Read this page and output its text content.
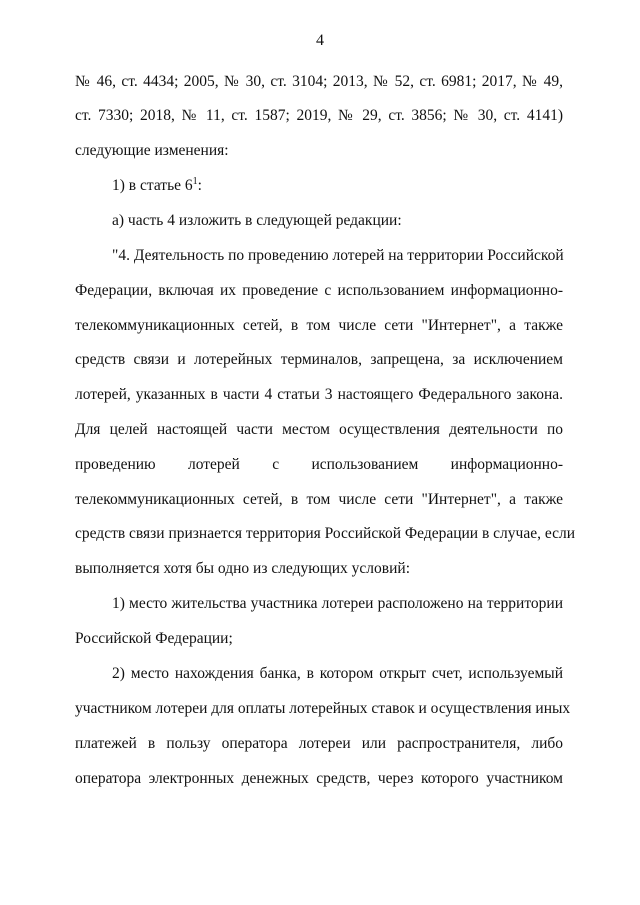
4
№ 46, ст. 4434; 2005, № 30, ст. 3104; 2013, № 52, ст. 6981; 2017, № 49,
ст. 7330; 2018, № 11, ст. 1587; 2019, № 29, ст. 3856; № 30, ст. 4141)
следующие изменения:
1) в статье $6^1$:
а) часть 4 изложить в следующей редакции:
"4. Деятельность по проведению лотерей на территории Российской
Федерации, включая их проведение с использованием информационно-
телекоммуникационных сетей, в том числе сети "Интернет", а также
средств связи и лотерейных терминалов, запрещена, за исключением
лотерей, указанных в части 4 статьи 3 настоящего Федерального закона.
Для целей настоящей части местом осуществления деятельности по
проведению лотерей с использованием информационно-
телекоммуникационных сетей, в том числе сети "Интернет", а также
средств связи признается территория Российской Федерации в случае, если
выполняется хотя бы одно из следующих условий:
1) место жительства участника лотереи расположено на территории
Российской Федерации;
2) место нахождения банка, в котором открыт счет, используемый
участником лотереи для оплаты лотерейных ставок и осуществления иных
платежей в пользу оператора лотереи или распространителя, либо
оператора электронных денежных средств, через которого участником
